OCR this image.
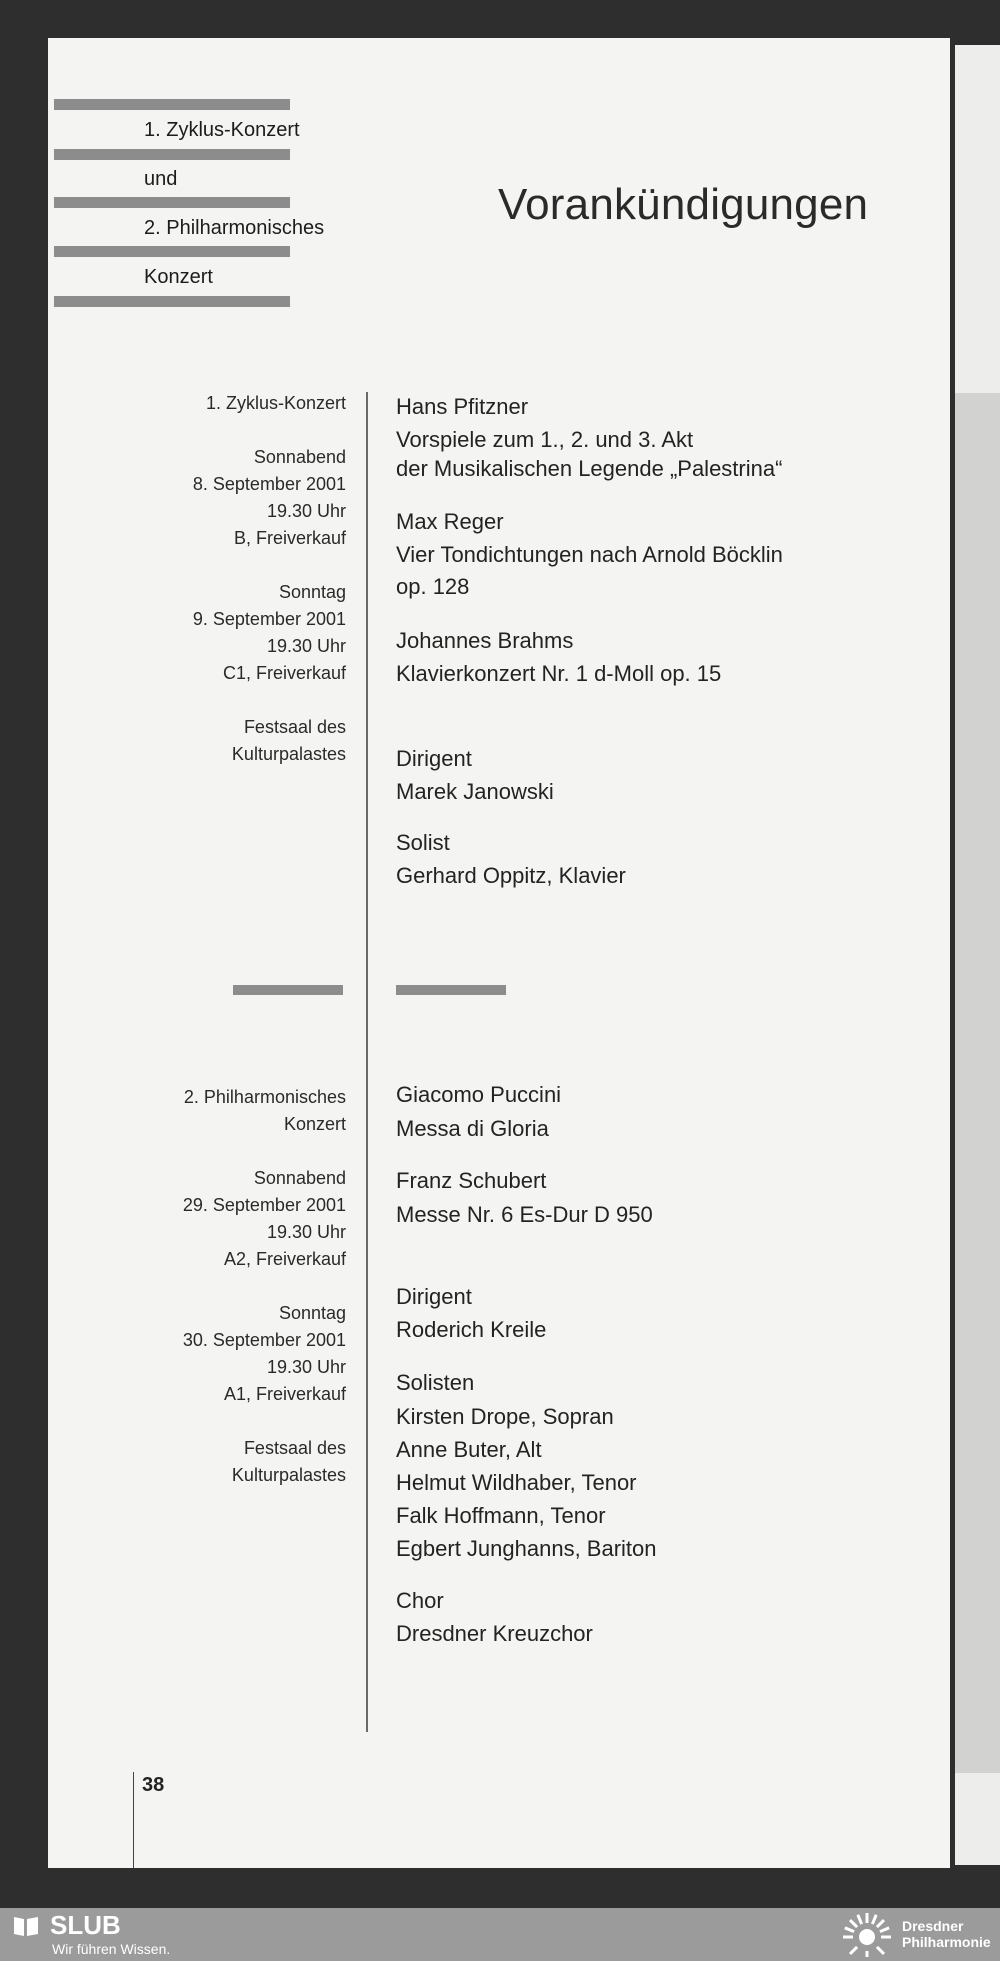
1. Zyklus-Konzert
und
2. Philharmonisches
Konzert
Vorankündigungen
1. Zyklus-Konzert
Sonnabend
8. September 2001
19.30 Uhr
B, Freiverkauf
Sonntag
9. September 2001
19.30 Uhr
C1, Freiverkauf
Festsaal des
Kulturpalastes
Hans Pfitzner
Vorspiele zum 1., 2. und 3. Akt
der Musikalischen Legende „Palestrina“
Max Reger
Vier Tondichtungen nach Arnold Böcklin
op. 128
Johannes Brahms
Klavierkonzert Nr. 1 d-Moll op. 15
Dirigent
Marek Janowski
Solist
Gerhard Oppitz, Klavier
2. Philharmonisches
Konzert
Sonnabend
29. September 2001
19.30 Uhr
A2, Freiverkauf
Sonntag
30. September 2001
19.30 Uhr
A1, Freiverkauf
Festsaal des
Kulturpalastes
Giacomo Puccini
Messa di Gloria
Franz Schubert
Messe Nr. 6 Es-Dur D 950
Dirigent
Roderich Kreile
Solisten
Kirsten Drope, Sopran
Anne Buter, Alt
Helmut Wildhaber, Tenor
Falk Hoffmann, Tenor
Egbert Junghanns, Bariton
Chor
Dresdner Kreuzchor
38
SLUB
Wir führen Wissen.
Dresdner
Philharmonie
